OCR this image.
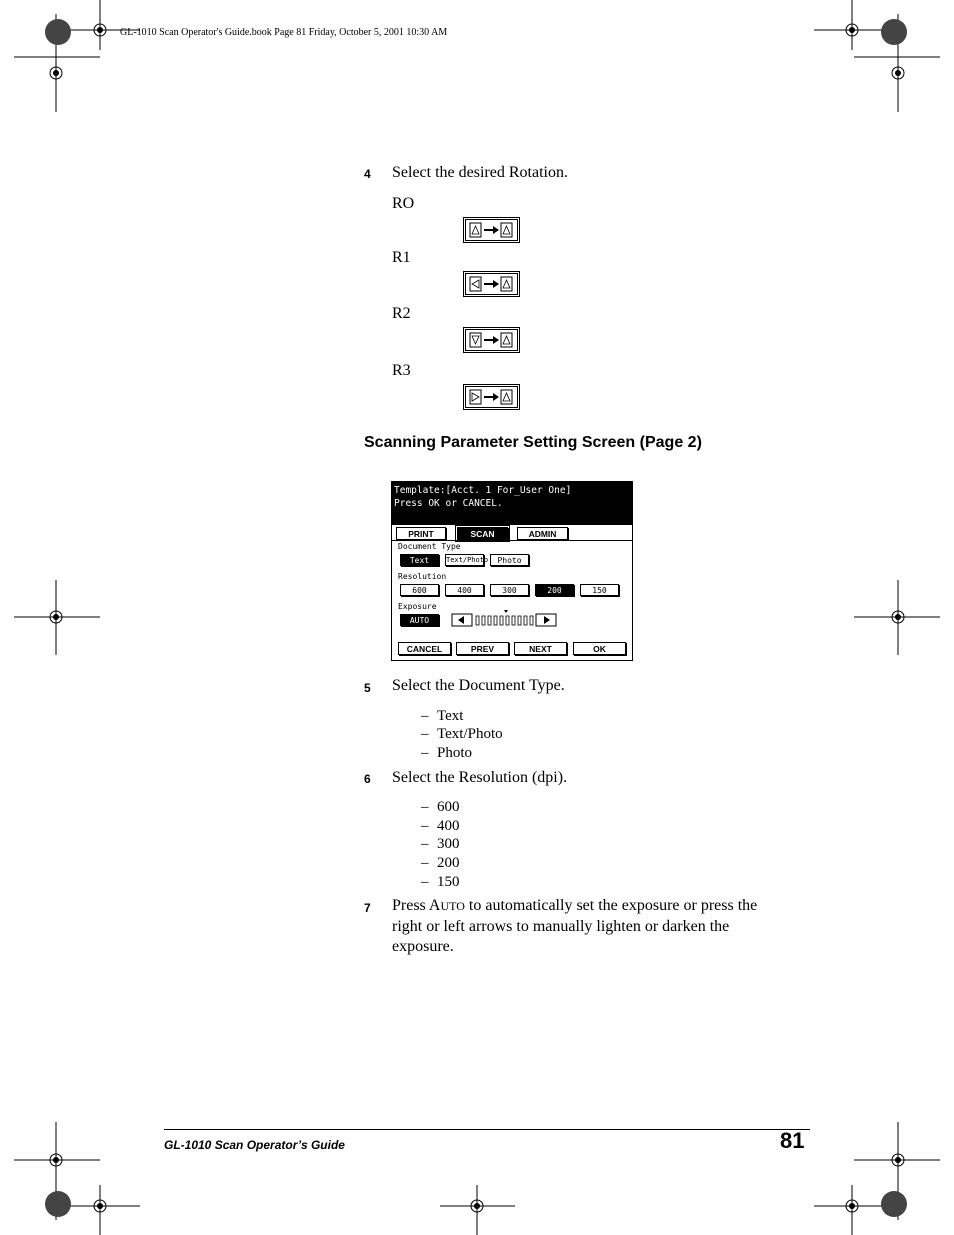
GL-1010 Scan Operator's Guide.book Page 81 Friday, October 5, 2001 10:30 AM
4 Select the desired Rotation.
RO
R1
R2
R3
Scanning Parameter Setting Screen (Page 2)
Template:[Acct. 1 For_User One]
Press OK or CANCEL.
PRINT	SCAN	ADMIN
Document Type
Text	Text/Photo	Photo
Resolution
600	400	300	200	150
Exposure
AUTO
CANCEL	PREV	NEXT	OK
5 Select the Document Type.
– Text
– Text/Photo
– Photo
6 Select the Resolution (dpi).
– 600
– 400
– 300
– 200
– 150
7 Press AUTO to automatically set the exposure or press the
right or left arrows to manually lighten or darken the
exposure.
GL-1010 Scan Operator’s Guide	81
